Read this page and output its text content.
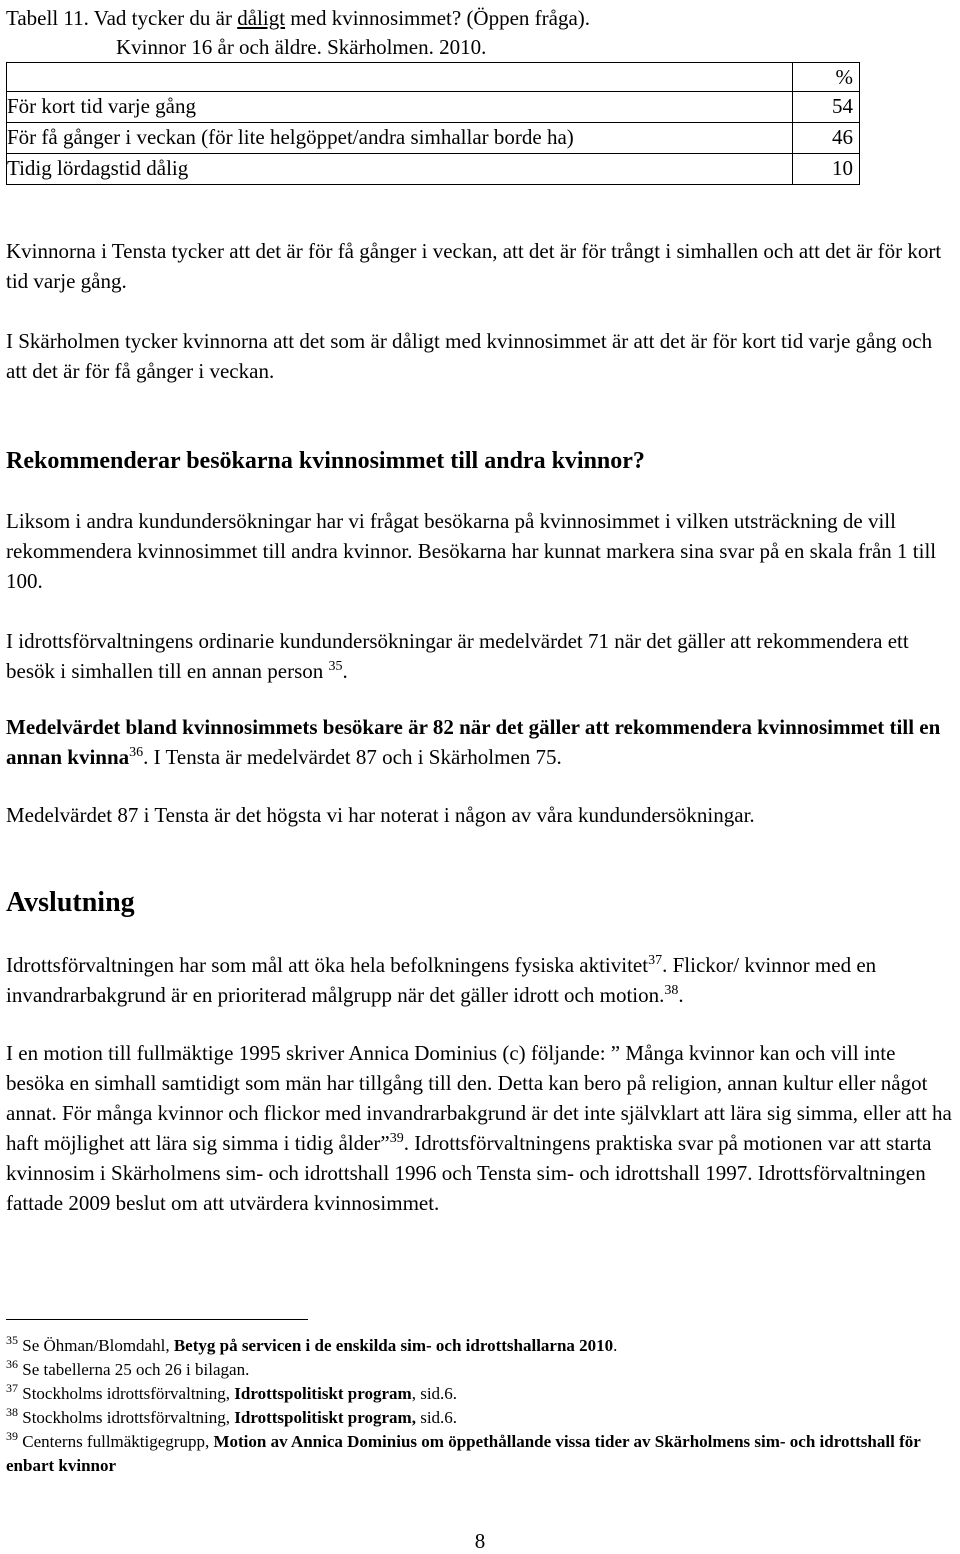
Tabell 11. Vad tycker du är dåligt med kvinnosimmet? (Öppen fråga).
Kvinnor 16 år och äldre. Skärholmen. 2010.
	%
För kort tid varje gång	54
För få gånger i veckan (för lite helgöppet/andra simhallar borde ha)	46
Tidig lördagstid dålig	10

Kvinnorna i Tensta tycker att det är för få gånger i veckan, att det är för trångt i simhallen och att det är för kort tid varje gång.

I Skärholmen tycker kvinnorna att det som är dåligt med kvinnosimmet är att det är för kort tid varje gång och att det är för få gånger i veckan.

Rekommenderar besökarna kvinnosimmet till andra kvinnor?

Liksom i andra kundundersökningar har vi frågat besökarna på kvinnosimmet i vilken utsträckning de vill rekommendera kvinnosimmet till andra kvinnor. Besökarna har kunnat markera sina svar på en skala från 1 till 100.

I idrottsförvaltningens ordinarie kundundersökningar är medelvärdet 71 när det gäller att rekommendera ett besök i simhallen till en annan person $^{35}$.

Medelvärdet bland kvinnosimmets besökare är 82 när det gäller att rekommendera kvinnosimmet till en annan kvinna$^{36}$. I Tensta är medelvärdet 87 och i Skärholmen 75.

Medelvärdet 87 i Tensta är det högsta vi har noterat i någon av våra kundundersökningar.

Avslutning

Idrottsförvaltningen har som mål att öka hela befolkningens fysiska aktivitet$^{37}$. Flickor/ kvinnor med en invandrarbakgrund är en prioriterad målgrupp när det gäller idrott och motion.$^{38}$.

I en motion till fullmäktige 1995 skriver Annica Dominius (c) följande: ” Många kvinnor kan och vill inte besöka en simhall samtidigt som män har tillgång till den. Detta kan bero på religion, annan kultur eller något annat. För många kvinnor och flickor med invandrarbakgrund är det inte självklart att lära sig simma, eller att ha haft möjlighet att lära sig simma i tidig ålder”$^{39}$. Idrottsförvaltningens praktiska svar på motionen var att starta kvinnosim i Skärholmens sim- och idrottshall 1996 och Tensta sim- och idrottshall 1997. Idrottsförvaltningen fattade 2009 beslut om att utvärdera kvinnosimmet.

$^{35}$ Se Öhman/Blomdahl, Betyg på servicen i de enskilda sim- och idrottshallarna 2010.

$^{36}$ Se tabellerna 25 och 26 i bilagan.

$^{37}$ Stockholms idrottsförvaltning, Idrottspolitiskt program, sid.6.

$^{38}$ Stockholms idrottsförvaltning, Idrottspolitiskt program, sid.6.

$^{39}$ Centerns fullmäktigegrupp, Motion av Annica Dominius om öppethållande vissa tider av Skärholmens sim- och idrottshall för enbart kvinnor

8
